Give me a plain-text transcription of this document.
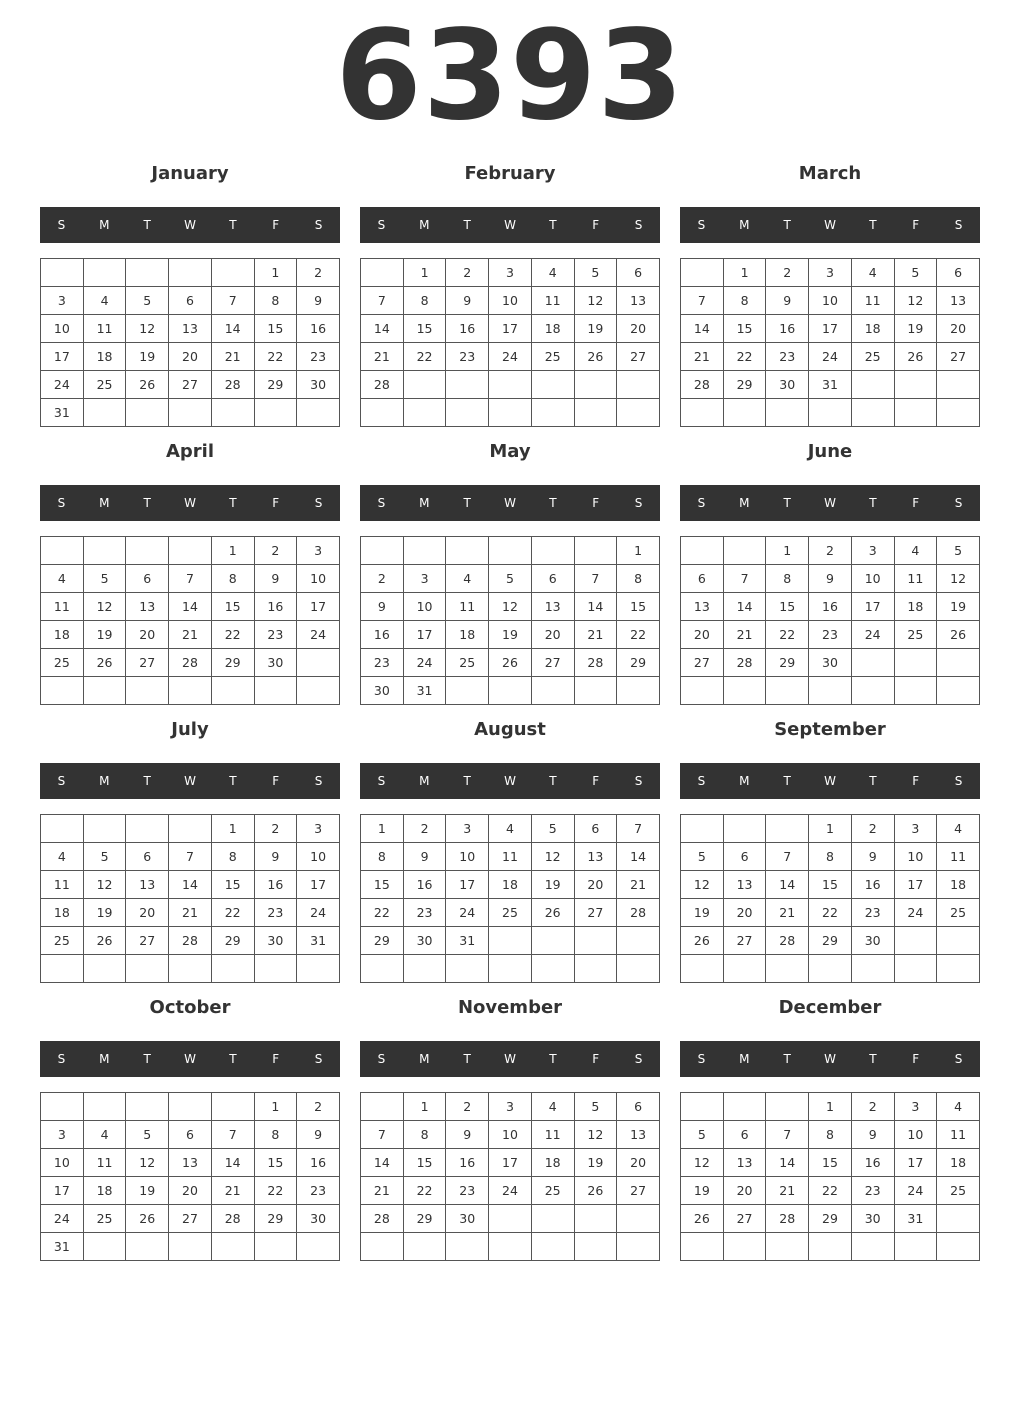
6393
January
S	M	T	W	T	F	S
					1	2
3	4	5	6	7	8	9
10	11	12	13	14	15	16
17	18	19	20	21	22	23
24	25	26	27	28	29	30
31						
February
S	M	T	W	T	F	S
	1	2	3	4	5	6
7	8	9	10	11	12	13
14	15	16	17	18	19	20
21	22	23	24	25	26	27
28						

March
S	M	T	W	T	F	S
	1	2	3	4	5	6
7	8	9	10	11	12	13
14	15	16	17	18	19	20
21	22	23	24	25	26	27
28	29	30	31			

April
S	M	T	W	T	F	S
				1	2	3
4	5	6	7	8	9	10
11	12	13	14	15	16	17
18	19	20	21	22	23	24
25	26	27	28	29	30	

May
S	M	T	W	T	F	S
						1
2	3	4	5	6	7	8
9	10	11	12	13	14	15
16	17	18	19	20	21	22
23	24	25	26	27	28	29
30	31					
June
S	M	T	W	T	F	S
		1	2	3	4	5
6	7	8	9	10	11	12
13	14	15	16	17	18	19
20	21	22	23	24	25	26
27	28	29	30			

July
S	M	T	W	T	F	S
				1	2	3
4	5	6	7	8	9	10
11	12	13	14	15	16	17
18	19	20	21	22	23	24
25	26	27	28	29	30	31

August
S	M	T	W	T	F	S
1	2	3	4	5	6	7
8	9	10	11	12	13	14
15	16	17	18	19	20	21
22	23	24	25	26	27	28
29	30	31				

September
S	M	T	W	T	F	S
			1	2	3	4
5	6	7	8	9	10	11
12	13	14	15	16	17	18
19	20	21	22	23	24	25
26	27	28	29	30		

October
S	M	T	W	T	F	S
					1	2
3	4	5	6	7	8	9
10	11	12	13	14	15	16
17	18	19	20	21	22	23
24	25	26	27	28	29	30
31						
November
S	M	T	W	T	F	S
	1	2	3	4	5	6
7	8	9	10	11	12	13
14	15	16	17	18	19	20
21	22	23	24	25	26	27
28	29	30				

December
S	M	T	W	T	F	S
			1	2	3	4
5	6	7	8	9	10	11
12	13	14	15	16	17	18
19	20	21	22	23	24	25
26	27	28	29	30	31	
